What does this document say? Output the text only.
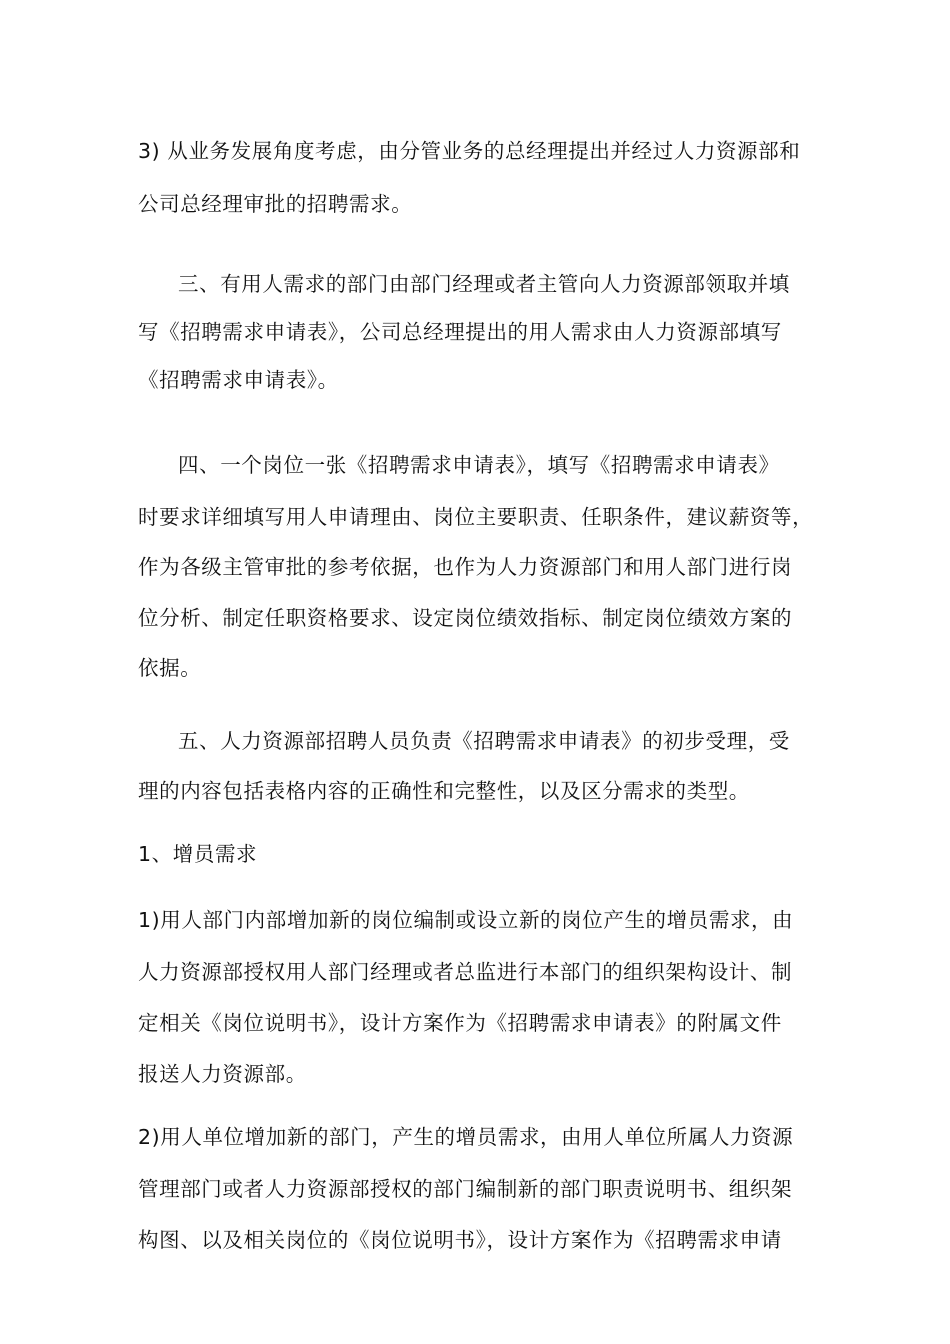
3) 从业务发展角度考虑，由分管业务的总经理提出并经过人力资源部和
公司总经理审批的招聘需求。
三、有用人需求的部门由部门经理或者主管向人力资源部领取并填
写《招聘需求申请表》，公司总经理提出的用人需求由人力资源部填写
《招聘需求申请表》。
四、一个岗位一张《招聘需求申请表》，填写《招聘需求申请表》
时要求详细填写用人申请理由、岗位主要职责、任职条件，建议薪资等，
作为各级主管审批的参考依据，也作为人力资源部门和用人部门进行岗
位分析、制定任职资格要求、设定岗位绩效指标、制定岗位绩效方案的
依据。
五、人力资源部招聘人员负责《招聘需求申请表》的初步受理，受
理的内容包括表格内容的正确性和完整性，以及区分需求的类型。
1、增员需求
1)用人部门内部增加新的岗位编制或设立新的岗位产生的增员需求，由
人力资源部授权用人部门经理或者总监进行本部门的组织架构设计、制
定相关《岗位说明书》，设计方案作为《招聘需求申请表》的附属文件
报送人力资源部。
2)用人单位增加新的部门，产生的增员需求，由用人单位所属人力资源
管理部门或者人力资源部授权的部门编制新的部门职责说明书、组织架
构图、以及相关岗位的《岗位说明书》，设计方案作为《招聘需求申请
